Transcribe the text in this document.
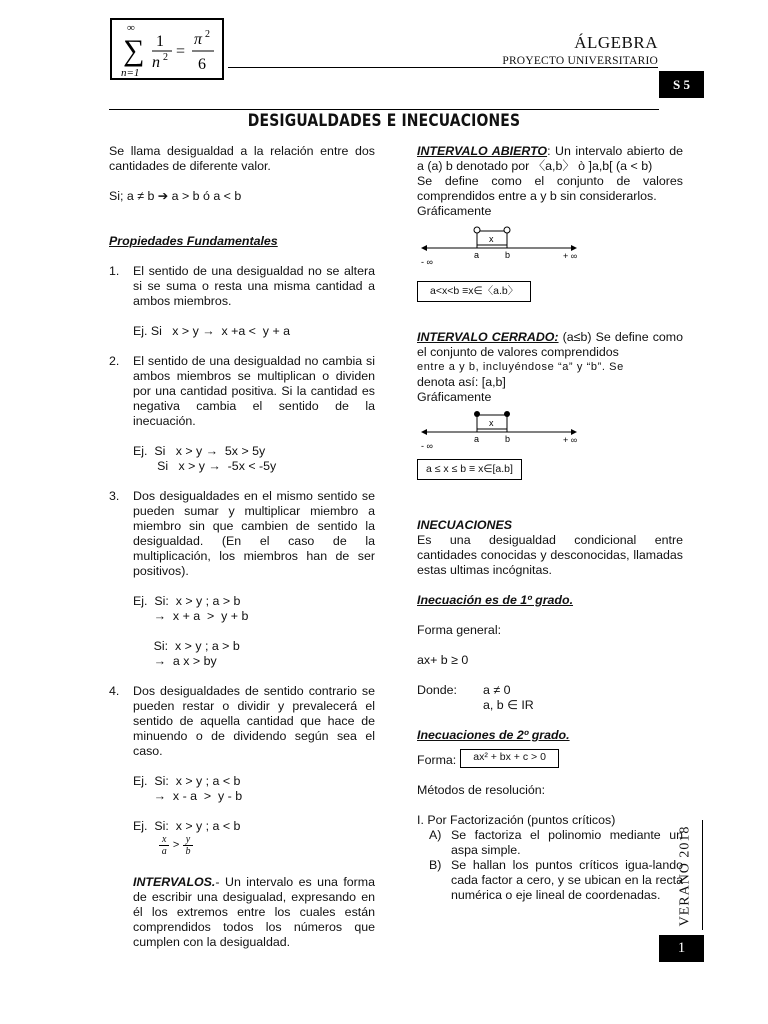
∞
∑
n=1
1
n 2 =
π 2
6
ÁLGEBRA
PROYECTO UNIVERSITARIO
S 5
DESIGUALDADES E INECUACIONES

Se llama desigualdad a la relación entre dos cantidades de diferente valor.

Si; a ≠ b ➔ a > b ó a < b

Propiedades Fundamentales

1. El sentido de una desigualdad no se altera si se suma o resta una misma cantidad a ambos miembros.

Ej. Si   x > y →  x +a <  y + a

2. El sentido de una desigualdad no cambia si ambos miembros se multiplican o dividen por una cantidad positiva. Si la cantidad es negativa cambia el sentido de la inecuación.

Ej.  Si   x > y →  5x > 5y

Si   x > y →  -5x < -5y

3. Dos desigualdades en el mismo sentido se pueden sumar y multiplicar miembro a miembro sin que cambien de sentido la desigualdad. (En el caso de la multiplicación, los miembros han de ser positivos).

Ej.  Si:  x > y ; a > b

→  x + a  >  y + b

Si:  x > y ; a > b

→  a x > by

4. Dos desigualdades de sentido contrario se pueden restar o dividir y prevalecerá el sentido de aquella cantidad que hace de minuendo o de dividendo según sea el caso.

Ej.  Si:  x > y ; a < b

→  x - a  >  y - b

Ej.  Si:  x > y ; a < b

$\frac{x}{a} > \frac{y}{b}$

INTERVALOS.- Un intervalo es una forma de escribir una desigualad, expresando en él los extremos entre los cuales están comprendidos todos los números que cumplen con la desigualdad.

INTERVALO ABIERTO: Un intervalo abierto de a (a) b denotado por 〈a,b〉 ò ]a,b[ (a < b)

Se define como el conjunto de valores comprendidos entre a y b sin considerarlos.

Gráficamente

x
a	b
- ∞
+ ∞
a<x<b ≡x∈〈a.b〉

INTERVALO CERRADO: (a≤b) Se define como el conjunto de valores comprendidos

entre a y b, incluyéndose “a” y “b”. Se

denota así: [a,b]

Gráficamente

x
a	b
- ∞
+ ∞
a ≤ x ≤ b ≡ x∈[a.b]

INECUACIONES

Es una desigualdad condicional entre cantidades conocidas y desconocidas, llamadas estas ultimas incógnitas.

Inecuación es de 1º grado.

Forma general:

ax+ b ≥ 0

Donde: a ≠ 0

a, b ∈ IR

Inecuaciones de 2º grado.

Forma: ax² + bx + c > 0

Métodos de resolución:

I. Por Factorización (puntos críticos)

A) Se factoriza el polinomio mediante un aspa simple.

B) Se hallan los puntos críticos igua-lando cada factor a cero, y se ubican en la recta numérica o eje lineal de coordenadas.	VERANO 2018
1
